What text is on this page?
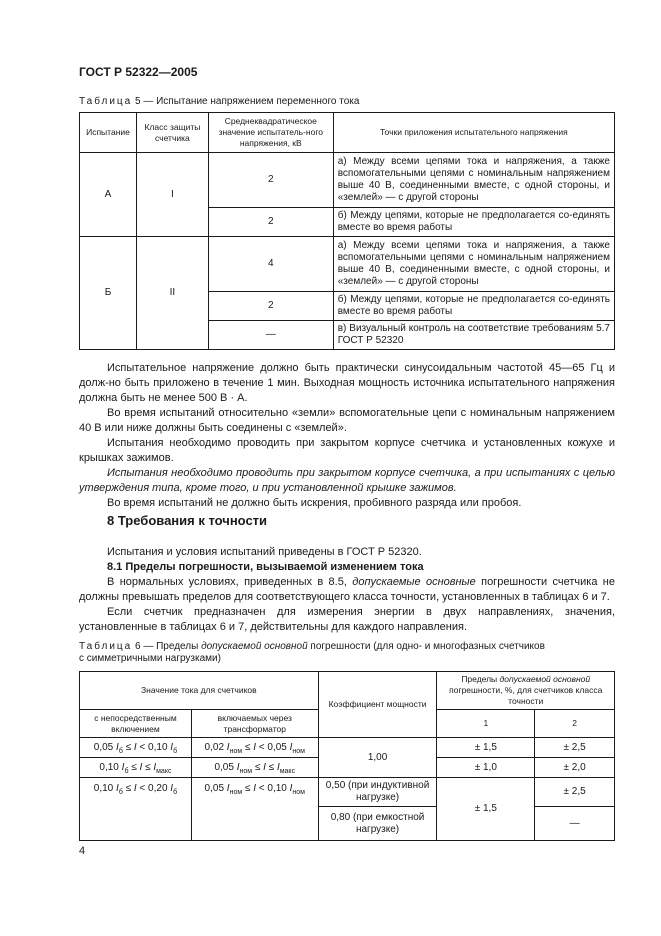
ГОСТ Р 52322—2005
Таблица 5 — Испытание напряжением переменного тока
Испытание	Класс защиты счетчика	Среднеквадратическое значение испытатель-ного напряжения, кВ	Точки приложения испытательного напряжения
А	I	2	а) Между всеми цепями тока и напряжения, а также вспомогательными цепями с номинальным напряжением выше 40 В, соединенными вместе, с одной стороны, и «землей» — с другой стороны
		2	б) Между цепями, которые не предполагается со-единять вместе во время работы
Б	II	4	а) Между всеми цепями тока и напряжения, а также вспомогательными цепями с номинальным напряжением выше 40 В, соединенными вместе, с одной стороны, и «землей» — с другой стороны
		2	б) Между цепями, которые не предполагается со-единять вместе во время работы
		—	в) Визуальный контроль на соответствие требованиям 5.7 ГОСТ Р 52320
Испытательное напряжение должно быть практически синусоидальным частотой 45—65 Гц и долж-но быть приложено в течение 1 мин. Выходная мощность источника испытательного напряжения должна быть не менее 500 В · А.
Во время испытаний относительно «земли» вспомогательные цепи с номинальным напряжением 40 В или ниже должны быть соединены с «землей».
Испытания необходимо проводить при закрытом корпусе счетчика и установленных кожухе и крышках зажимов.
Испытания необходимо проводить при закрытом корпусе счетчика, а при испытаниях с целью утверждения типа, кроме того, и при установленной крышке зажимов.
Во время испытаний не должно быть искрения, пробивного разряда или пробоя.
8 Требования к точности
Испытания и условия испытаний приведены в ГОСТ Р 52320.
8.1 Пределы погрешности, вызываемой изменением тока
В нормальных условиях, приведенных в 8.5, допускаемые основные погрешности счетчика не должны превышать пределов для соответствующего класса точности, установленных в таблицах 6 и 7.
Если счетчик предназначен для измерения энергии в двух направлениях, значения, установленные в таблицах 6 и 7, действительны для каждого направления.
Таблица 6 — Пределы допускаемой основной погрешности (для одно- и многофазных счетчиков
с симметричными нагрузками)
Значение тока для счетчиков		Коэффициент мощности	Пределы допускаемой основной погрешности, %, для счетчиков класса точности	
с непосредственным включением	включаемых через трансформатор		1	2
0,05 $I_б \le I < 0,10$ $I_б$	0,02 $I_{ном} \le I < 0,05$ $I_{ном}$	1,00	± 1,5	± 2,5
0,10 $I_б \le I \le I_{макс}$	0,05 $I_{ном} \le I \le I_{макс}$		± 1,0	± 2,0
0,10 $I_б \le I < 0,20$ $I_б$	0,05 $I_{ном} \le I < 0,10$ $I_{ном}$	0,50 (при индуктивной нагрузке)	± 1,5	± 2,5
		0,80 (при емкостной нагрузке)		—
4
